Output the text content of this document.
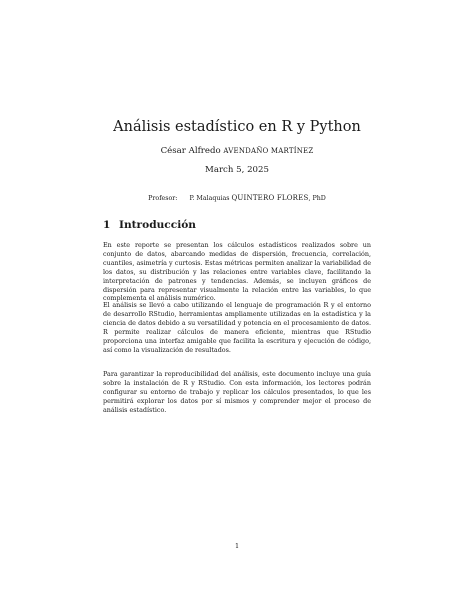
Análisis estadístico en R y Python
César Alfredo AVENDAÑO MARTÍNEZ
March 5, 2025
Profesor: P. Malaquias QUINTERO FLORES, PhD
1 Introducción

En este reporte se presentan los cálculos estadísticos realizados sobre un conjunto de datos, abarcando medidas de dispersión, frecuencia, correlación, cuantiles, asimetría y curtosis. Estas métricas permiten analizar la variabilidad de los datos, su distribución y las relaciones entre variables clave, facilitando la interpretación de patrones y tendencias. Además, se incluyen gráficos de dispersión para representar visualmente la relación entre las variables, lo que complementa el análisis numérico.

El análisis se llevó a cabo utilizando el lenguaje de programación R y el entorno de desarrollo RStudio, herramientas ampliamente utilizadas en la estadística y la ciencia de datos debido a su versatilidad y potencia en el procesamiento de datos. R permite realizar cálculos de manera eficiente, mientras que RStudio proporciona una interfaz amigable que facilita la escritura y ejecución de código, así como la visualización de resultados.

Para garantizar la reproducibilidad del análisis, este documento incluye una guía sobre la instalación de R y RStudio. Con esta información, los lectores podrán configurar su entorno de trabajo y replicar los cálculos presentados, lo que les permitirá explorar los datos por sí mismos y comprender mejor el proceso de análisis estadístico.

1
